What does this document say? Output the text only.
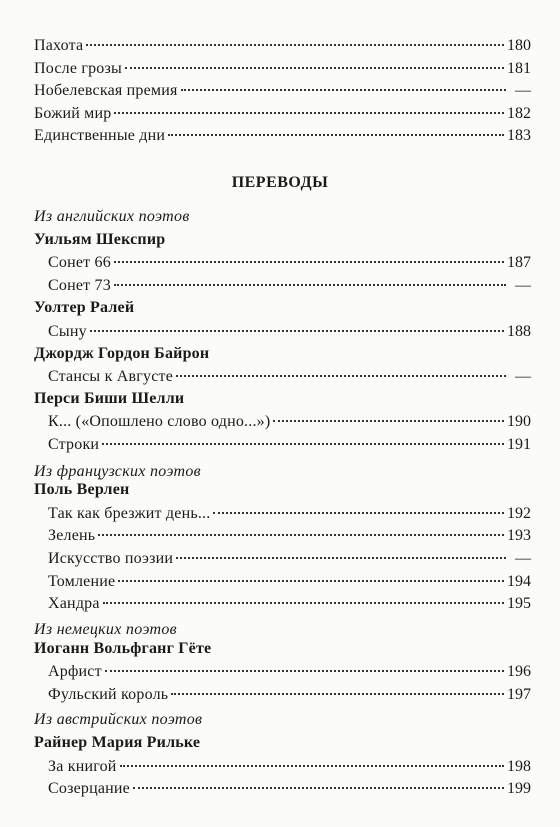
Пахота	180
После грозы	181
Нобелевская премия	—
Божий мир	182
Единственные дни	183
ПЕРЕВОДЫ
Из английских поэтов
Уильям Шекспир
Сонет 66	187
Сонет 73	—
Уолтер Ралей
Сыну	188
Джордж Гордон Байрон
Стансы к Августе	—
Перси Биши Шелли
К... («Опошлено слово одно...»)	190
Строки	191
Из французских поэтов
Поль Верлен
Так как брезжит день...	192
Зелень	193
Искусство поэзии	—
Томление	194
Хандра	195
Из немецких поэтов
Иоганн Вольфганг Гёте
Арфист	196
Фульский король	197
Из австрийских поэтов
Райнер Мария Рильке
За книгой	198
Созерцание	199
